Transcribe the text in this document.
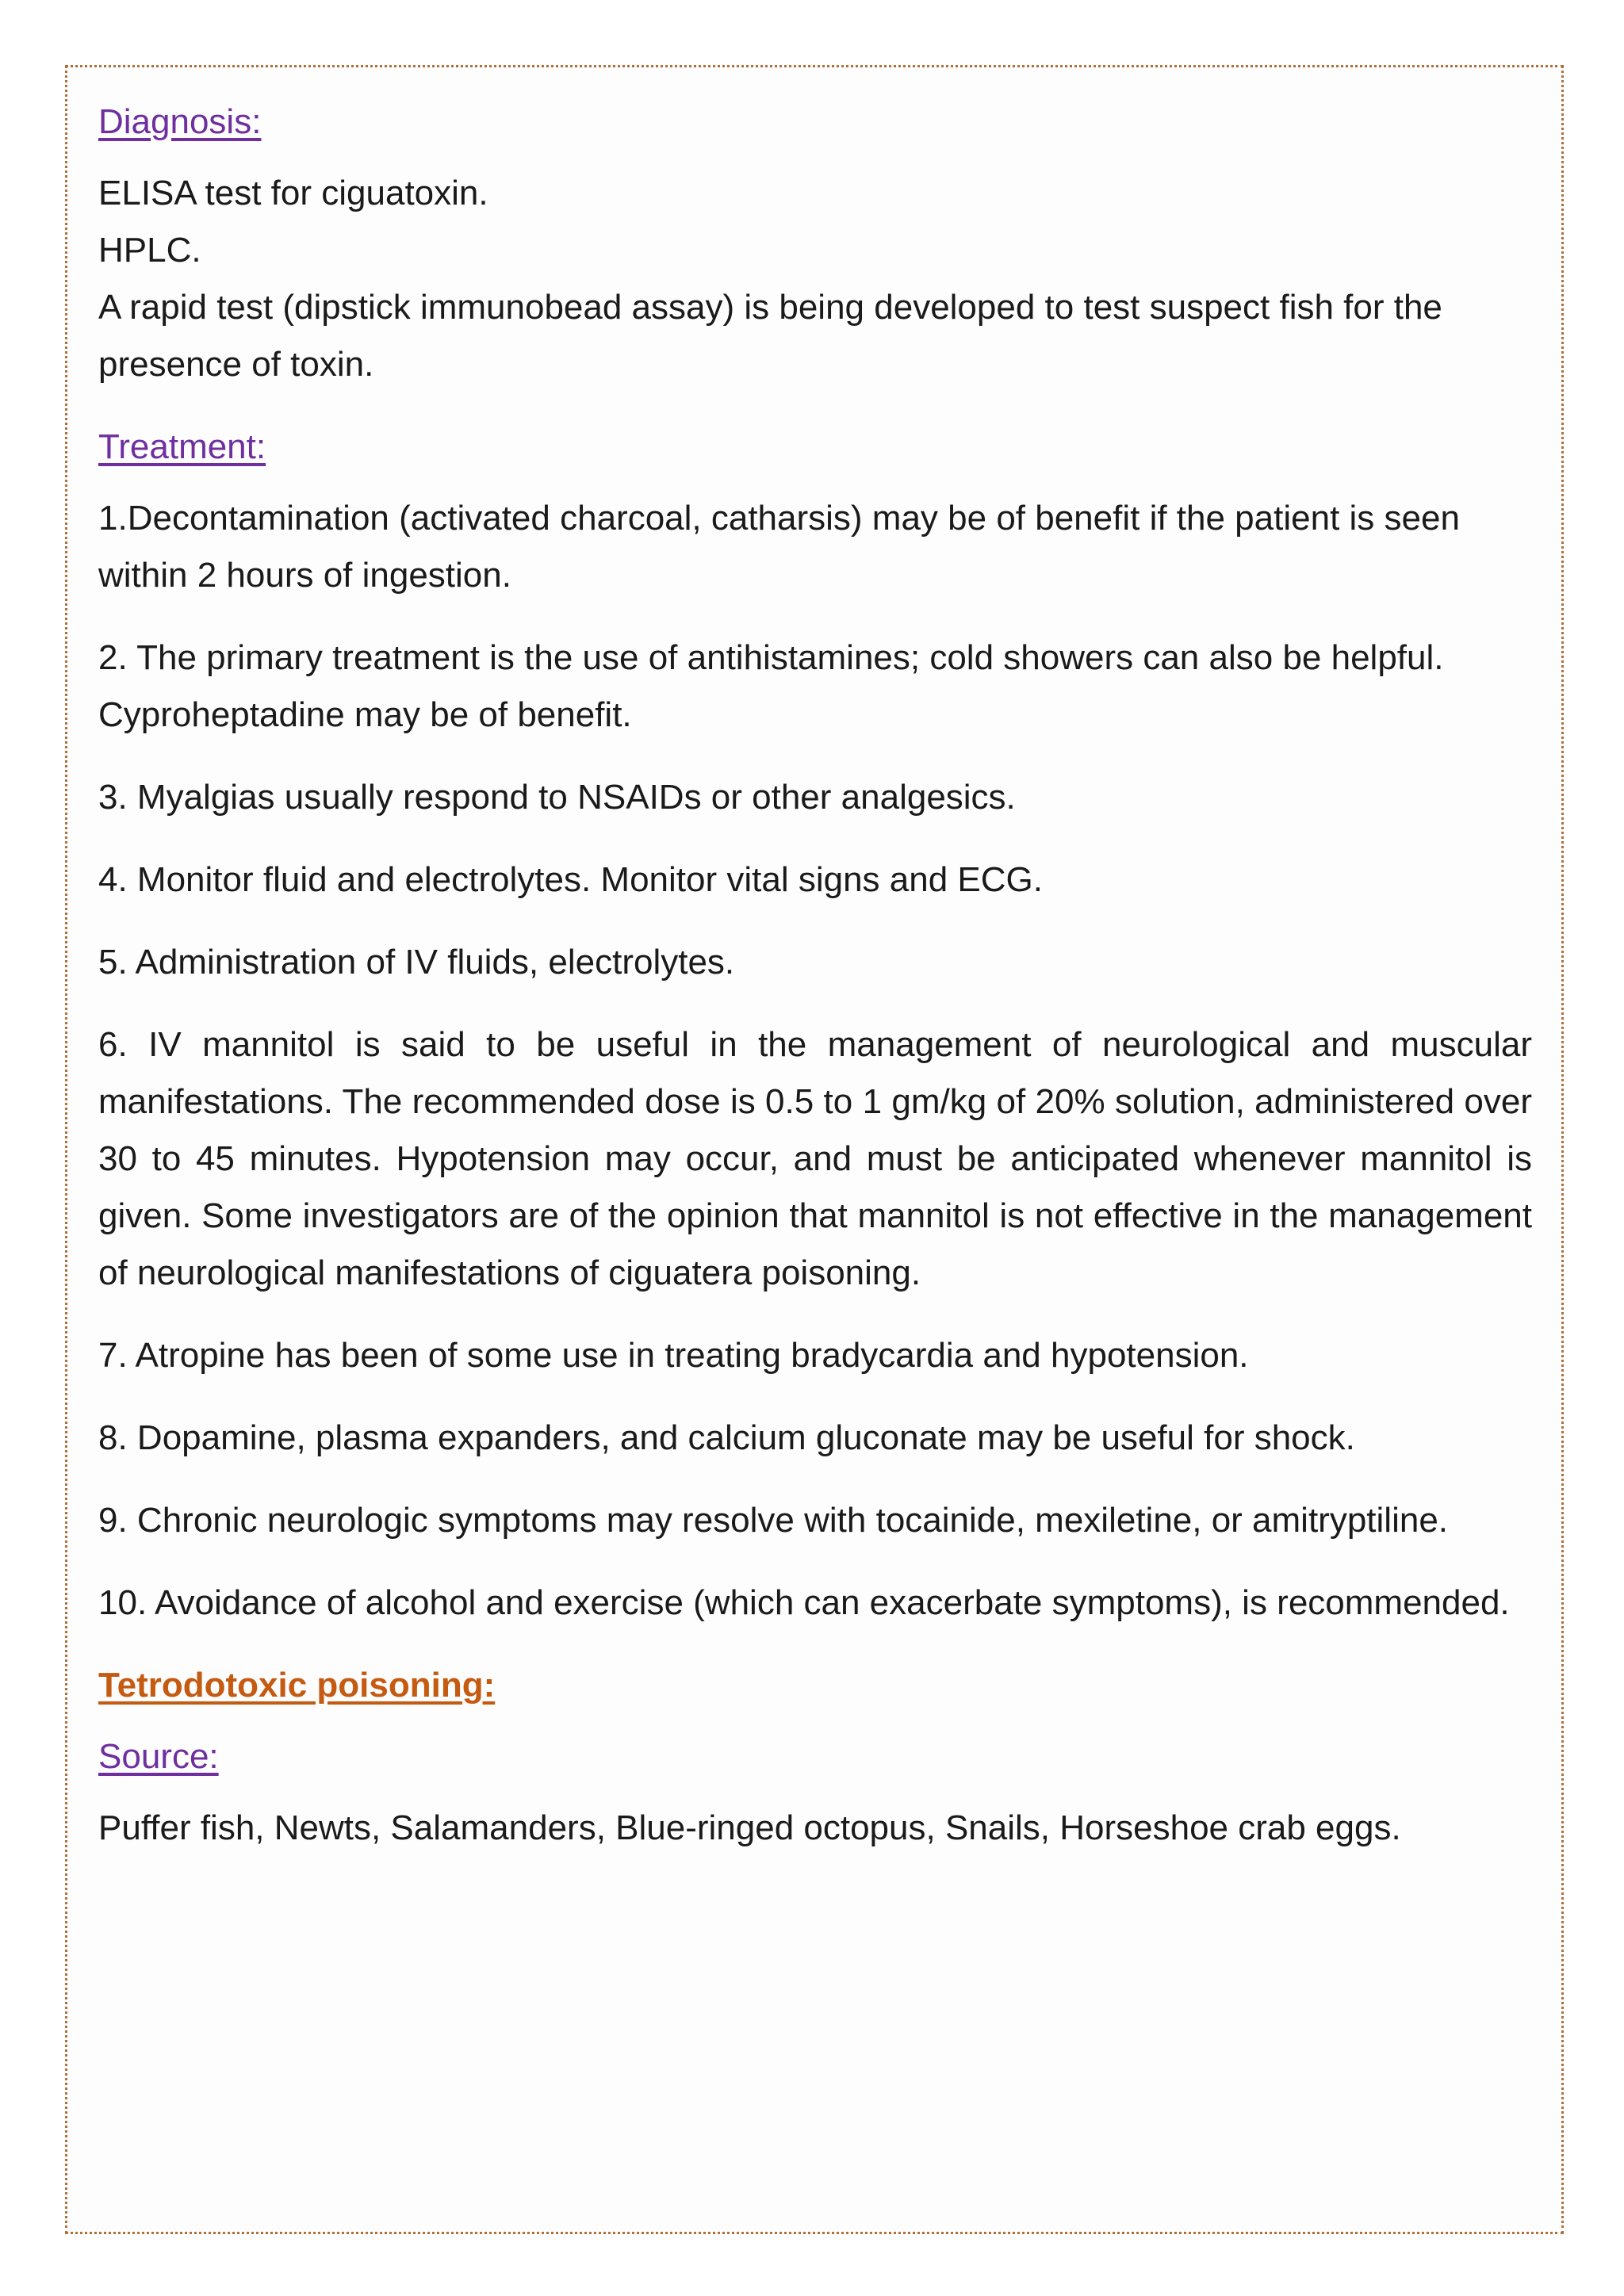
Diagnosis:
ELISA test for ciguatoxin.
HPLC.
A rapid test (dipstick immunobead assay) is being developed to test suspect fish for the presence of toxin.
Treatment:
1.Decontamination (activated charcoal, catharsis) may be of benefit if the patient is seen within 2 hours of ingestion.
2. The primary treatment is the use of antihistamines; cold showers can also be helpful. Cyproheptadine may be of benefit.
3. Myalgias usually respond to NSAIDs or other analgesics.
4. Monitor fluid and electrolytes. Monitor vital signs and ECG.
5. Administration of IV fluids, electrolytes.
6. IV mannitol is said to be useful in the management of neurological and muscular manifestations. The recommended dose is 0.5 to 1 gm/kg of 20% solution, administered over 30 to 45 minutes. Hypotension may occur, and must be anticipated whenever mannitol is given. Some investigators are of the opinion that mannitol is not effective in the management of neurological manifestations of ciguatera poisoning.
7. Atropine has been of some use in treating bradycardia and hypotension.
8. Dopamine, plasma expanders, and calcium gluconate may be useful for shock.
9. Chronic neurologic symptoms may resolve with tocainide, mexiletine, or amitryptiline.
10. Avoidance of alcohol and exercise (which can exacerbate symptoms), is recommended.
Tetrodotoxic poisoning:
Source:
Puffer fish, Newts, Salamanders, Blue-ringed octopus, Snails, Horseshoe crab eggs.
